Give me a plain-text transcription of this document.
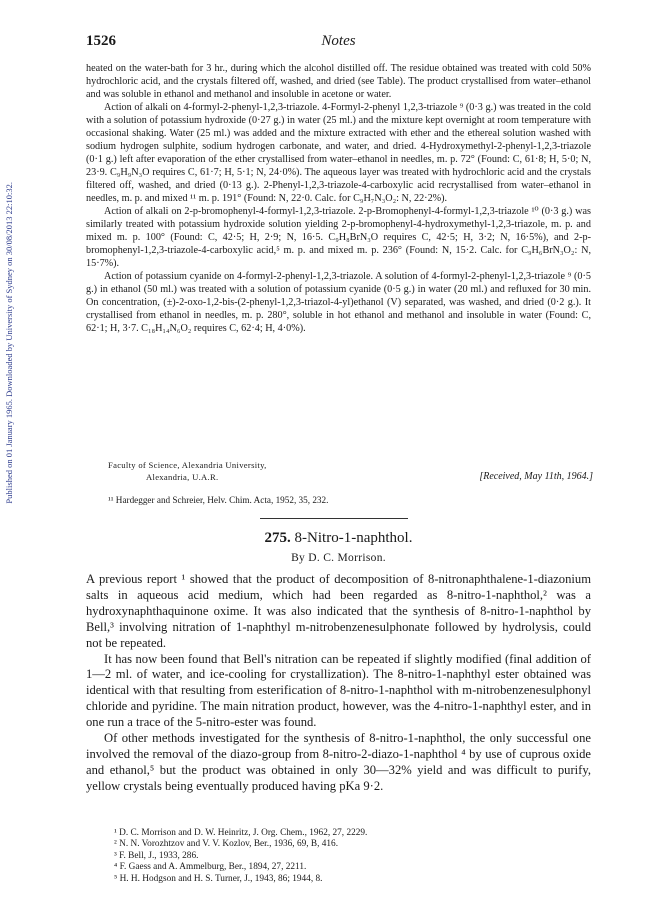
Published on 01 January 1965. Downloaded by University of Sydney on 30/08/2013 22:10:32.
1526	Notes

heated on the water-bath for 3 hr., during which the alcohol distilled off. The residue obtained was treated with cold 50% hydrochloric acid, and the crystals filtered off, washed, and dried (see Table). The product crystallised from water–ethanol and was soluble in ethanol and methanol and insoluble in acetone or water.

Action of alkali on 4-formyl-2-phenyl-1,2,3-triazole. 4-Formyl-2-phenyl 1,2,3-triazole ⁹ (0·3 g.) was treated in the cold with a solution of potassium hydroxide (0·27 g.) in water (25 ml.) and the mixture kept overnight at room temperature with occasional shaking. Water (25 ml.) was added and the mixture extracted with ether and the ethereal solution washed with sodium hydrogen sulphite, sodium hydrogen carbonate, and water, and dried. 4-Hydroxymethyl-2-phenyl-1,2,3-triazole (0·1 g.) left after evaporation of the ether crystallised from water–ethanol in needles, m. p. 72° (Found: C, 61·8; H, 5·0; N, 23·9. C₉H₉N₃O requires C, 61·7; H, 5·1; N, 24·0%). The aqueous layer was treated with hydrochloric acid and the crystals filtered off, washed, and dried (0·13 g.). 2-Phenyl-1,2,3-triazole-4-carboxylic acid recrystallised from water–ethanol in needles, m. p. and mixed ¹¹ m. p. 191° (Found: N, 22·0. Calc. for C₉H₇N₃O₂: N, 22·2%).

Action of alkali on 2-p-bromophenyl-4-formyl-1,2,3-triazole. 2-p-Bromophenyl-4-formyl-1,2,3-triazole ¹⁰ (0·3 g.) was similarly treated with potassium hydroxide solution yielding 2-p-bromophenyl-4-hydroxymethyl-1,2,3-triazole, m. p. and mixed m. p. 100° (Found: C, 42·5; H, 2·9; N, 16·5. C₉H₈BrN₃O requires C, 42·5; H, 3·2; N, 16·5%), and 2-p-bromophenyl-1,2,3-triazole-4-carboxylic acid,⁵ m. p. and mixed m. p. 236° (Found: N, 15·2. Calc. for C₉H₆BrN₃O₂: N, 15·7%).

Action of potassium cyanide on 4-formyl-2-phenyl-1,2,3-triazole. A solution of 4-formyl-2-phenyl-1,2,3-triazole ⁹ (0·5 g.) in ethanol (50 ml.) was treated with a solution of potassium cyanide (0·5 g.) in water (20 ml.) and refluxed for 30 min. On concentration, (±)-2-oxo-1,2-bis-(2-phenyl-1,2,3-triazol-4-yl)ethanol (V) separated, was washed, and dried (0·2 g.). It crystallised from ethanol in needles, m. p. 280°, soluble in hot ethanol and methanol and insoluble in water (Found: C, 62·1; H, 3·7. C₁₈H₁₄N₆O₂ requires C, 62·4; H, 4·0%).

Faculty of Science, Alexandria University,
Alexandria, U.A.R.	[Received, May 11th, 1964.]
¹¹ Hardegger and Schreier, Helv. Chim. Acta, 1952, 35, 232.
275. 8-Nitro-1-naphthol.
By D. C. Morrison.

A previous report ¹ showed that the product of decomposition of 8-nitronaphthalene-1-diazonium salts in aqueous acid medium, which had been regarded as 8-nitro-1-naphthol,² was a hydroxynaphthaquinone oxime. It was also indicated that the synthesis of 8-nitro-1-naphthol by Bell,³ involving nitration of 1-naphthyl m-nitrobenzenesulphonate followed by hydrolysis, could not be repeated.

It has now been found that Bell's nitration can be repeated if slightly modified (final addition of 1—2 ml. of water, and ice-cooling for crystallization). The 8-nitro-1-naphthyl ester obtained was identical with that resulting from esterification of 8-nitro-1-naphthol with m-nitrobenzenesulphonyl chloride and pyridine. The main nitration product, however, was the 4-nitro-1-naphthyl ester, and in one run a trace of the 5-nitro-ester was found.

Of other methods investigated for the synthesis of 8-nitro-1-naphthol, the only successful one involved the removal of the diazo-group from 8-nitro-2-diazo-1-naphthol ⁴ by use of cuprous oxide and ethanol,⁵ but the product was obtained in only 30—32% yield and was difficult to purify, yellow crystals being eventually produced having pKa 9·2.

¹ D. C. Morrison and D. W. Heinritz, J. Org. Chem., 1962, 27, 2229.
² N. N. Vorozhtzov and V. V. Kozlov, Ber., 1936, 69, B, 416.
³ F. Bell, J., 1933, 286.
⁴ F. Gaess and A. Ammelburg, Ber., 1894, 27, 2211.
⁵ H. H. Hodgson and H. S. Turner, J., 1943, 86; 1944, 8.
